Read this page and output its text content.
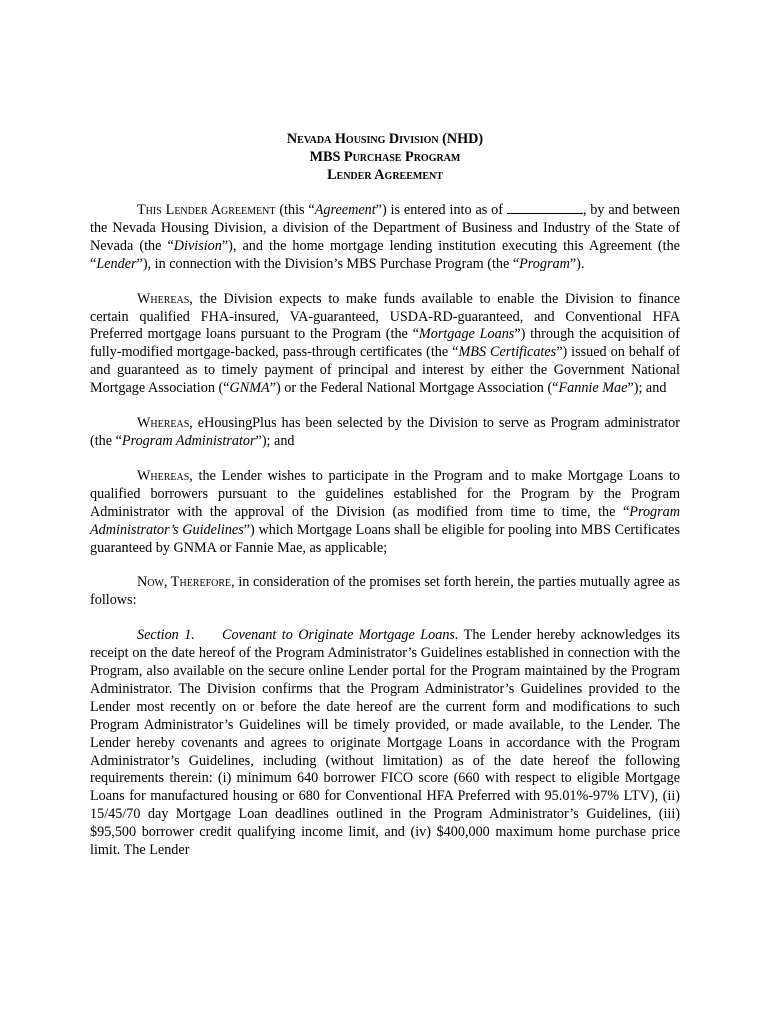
Nevada Housing Division (NHD)
MBS Purchase Program
Lender Agreement

This Lender Agreement (this “Agreement”) is entered into as of	, by and between the Nevada Housing Division, a division of the Department of Business and Industry of the State of Nevada (the “Division”), and the home mortgage lending institution executing this Agreement (the “Lender”), in connection with the Division’s MBS Purchase Program (the “Program”).

Whereas, the Division expects to make funds available to enable the Division to finance certain qualified FHA-insured, VA-guaranteed, USDA-RD-guaranteed, and Conventional HFA Preferred mortgage loans pursuant to the Program (the “Mortgage Loans”) through the acquisition of fully-modified mortgage-backed, pass-through certificates (the “MBS Certificates”) issued on behalf of and guaranteed as to timely payment of principal and interest by either the Government National Mortgage Association (“GNMA”) or the Federal National Mortgage Association (“Fannie Mae”); and

Whereas, eHousingPlus has been selected by the Division to serve as Program administrator (the “Program Administrator”); and

Whereas, the Lender wishes to participate in the Program and to make Mortgage Loans to qualified borrowers pursuant to the guidelines established for the Program by the Program Administrator with the approval of the Division (as modified from time to time, the “Program Administrator’s Guidelines”) which Mortgage Loans shall be eligible for pooling into MBS Certificates guaranteed by GNMA or Fannie Mae, as applicable;

Now, Therefore, in consideration of the promises set forth herein, the parties mutually agree as follows:

Section 1. Covenant to Originate Mortgage Loans. The Lender hereby acknowledges its receipt on the date hereof of the Program Administrator’s Guidelines established in connection with the Program, also available on the secure online Lender portal for the Program maintained by the Program Administrator. The Division confirms that the Program Administrator’s Guidelines provided to the Lender most recently on or before the date hereof are the current form and modifications to such Program Administrator’s Guidelines will be timely provided, or made available, to the Lender. The Lender hereby covenants and agrees to originate Mortgage Loans in accordance with the Program Administrator’s Guidelines, including (without limitation) as of the date hereof the following requirements therein: (i) minimum 640 borrower FICO score (660 with respect to eligible Mortgage Loans for manufactured housing or 680 for Conventional HFA Preferred with 95.01%-97% LTV), (ii) 15/45/70 day Mortgage Loan deadlines outlined in the Program Administrator’s Guidelines, (iii) $95,500 borrower credit qualifying income limit, and (iv) $400,000 maximum home purchase price limit. The Lender
